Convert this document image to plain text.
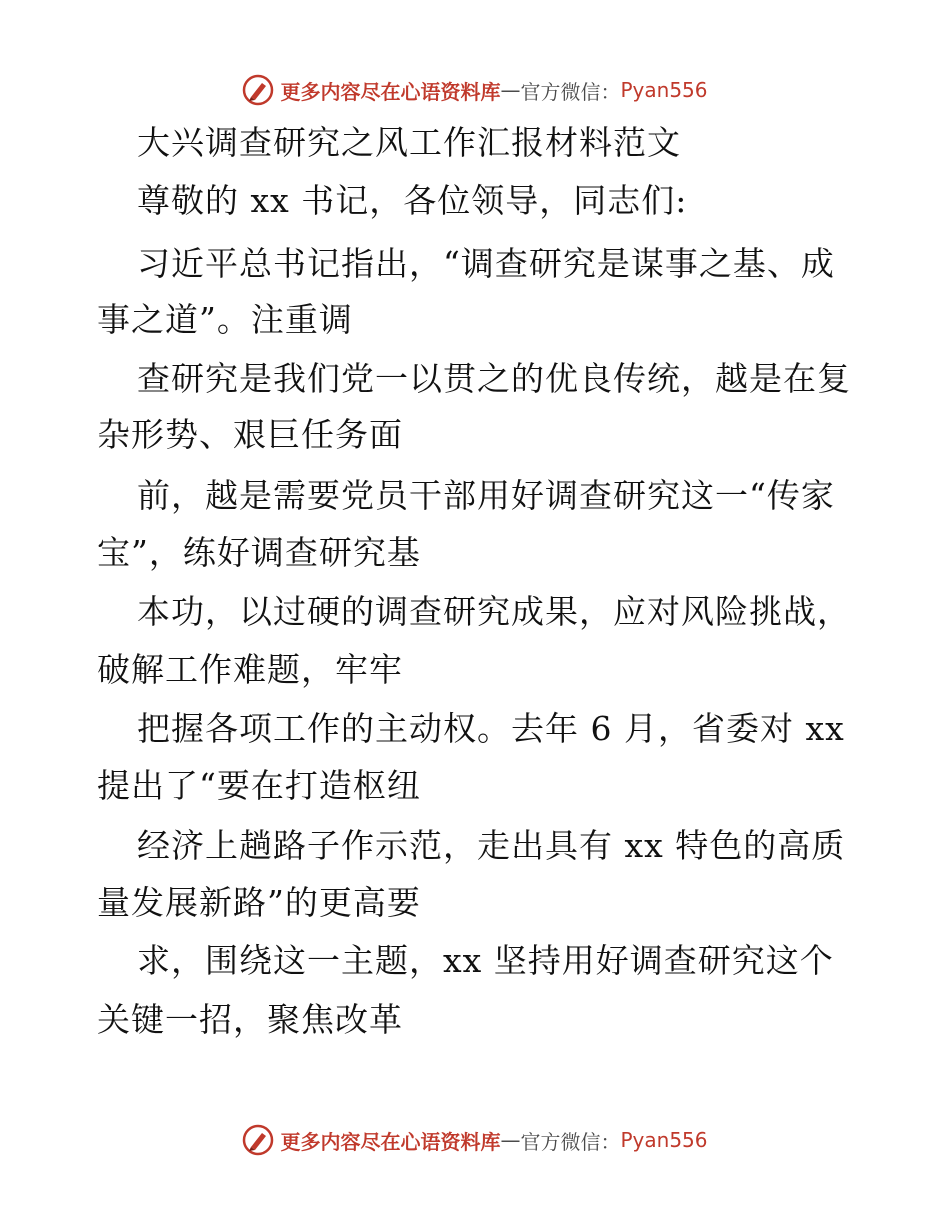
更多内容尽在心语资料库 — 官方微信： Pyan556
大兴调查研究之风工作汇报材料范文
尊敬的 xx 书记，各位领导，同志们:
习近平总书记指出，“调查研究是谋事之基、成
事之道”。注重调
查研究是我们党一以贯之的优良传统，越是在复
杂形势、艰巨任务面
前，越是需要党员干部用好调查研究这一“传家
宝”，练好调查研究基
本功，以过硬的调查研究成果，应对风险挑战，
破解工作难题，牢牢
把握各项工作的主动权。去年 6 月，省委对 xx
提出了“要在打造枢纽
经济上趟路子作示范，走出具有 xx 特色的高质
量发展新路”的更高要
求，围绕这一主题，xx 坚持用好调查研究这个
关键一招，聚焦改革
更多内容尽在心语资料库 — 官方微信： Pyan556
